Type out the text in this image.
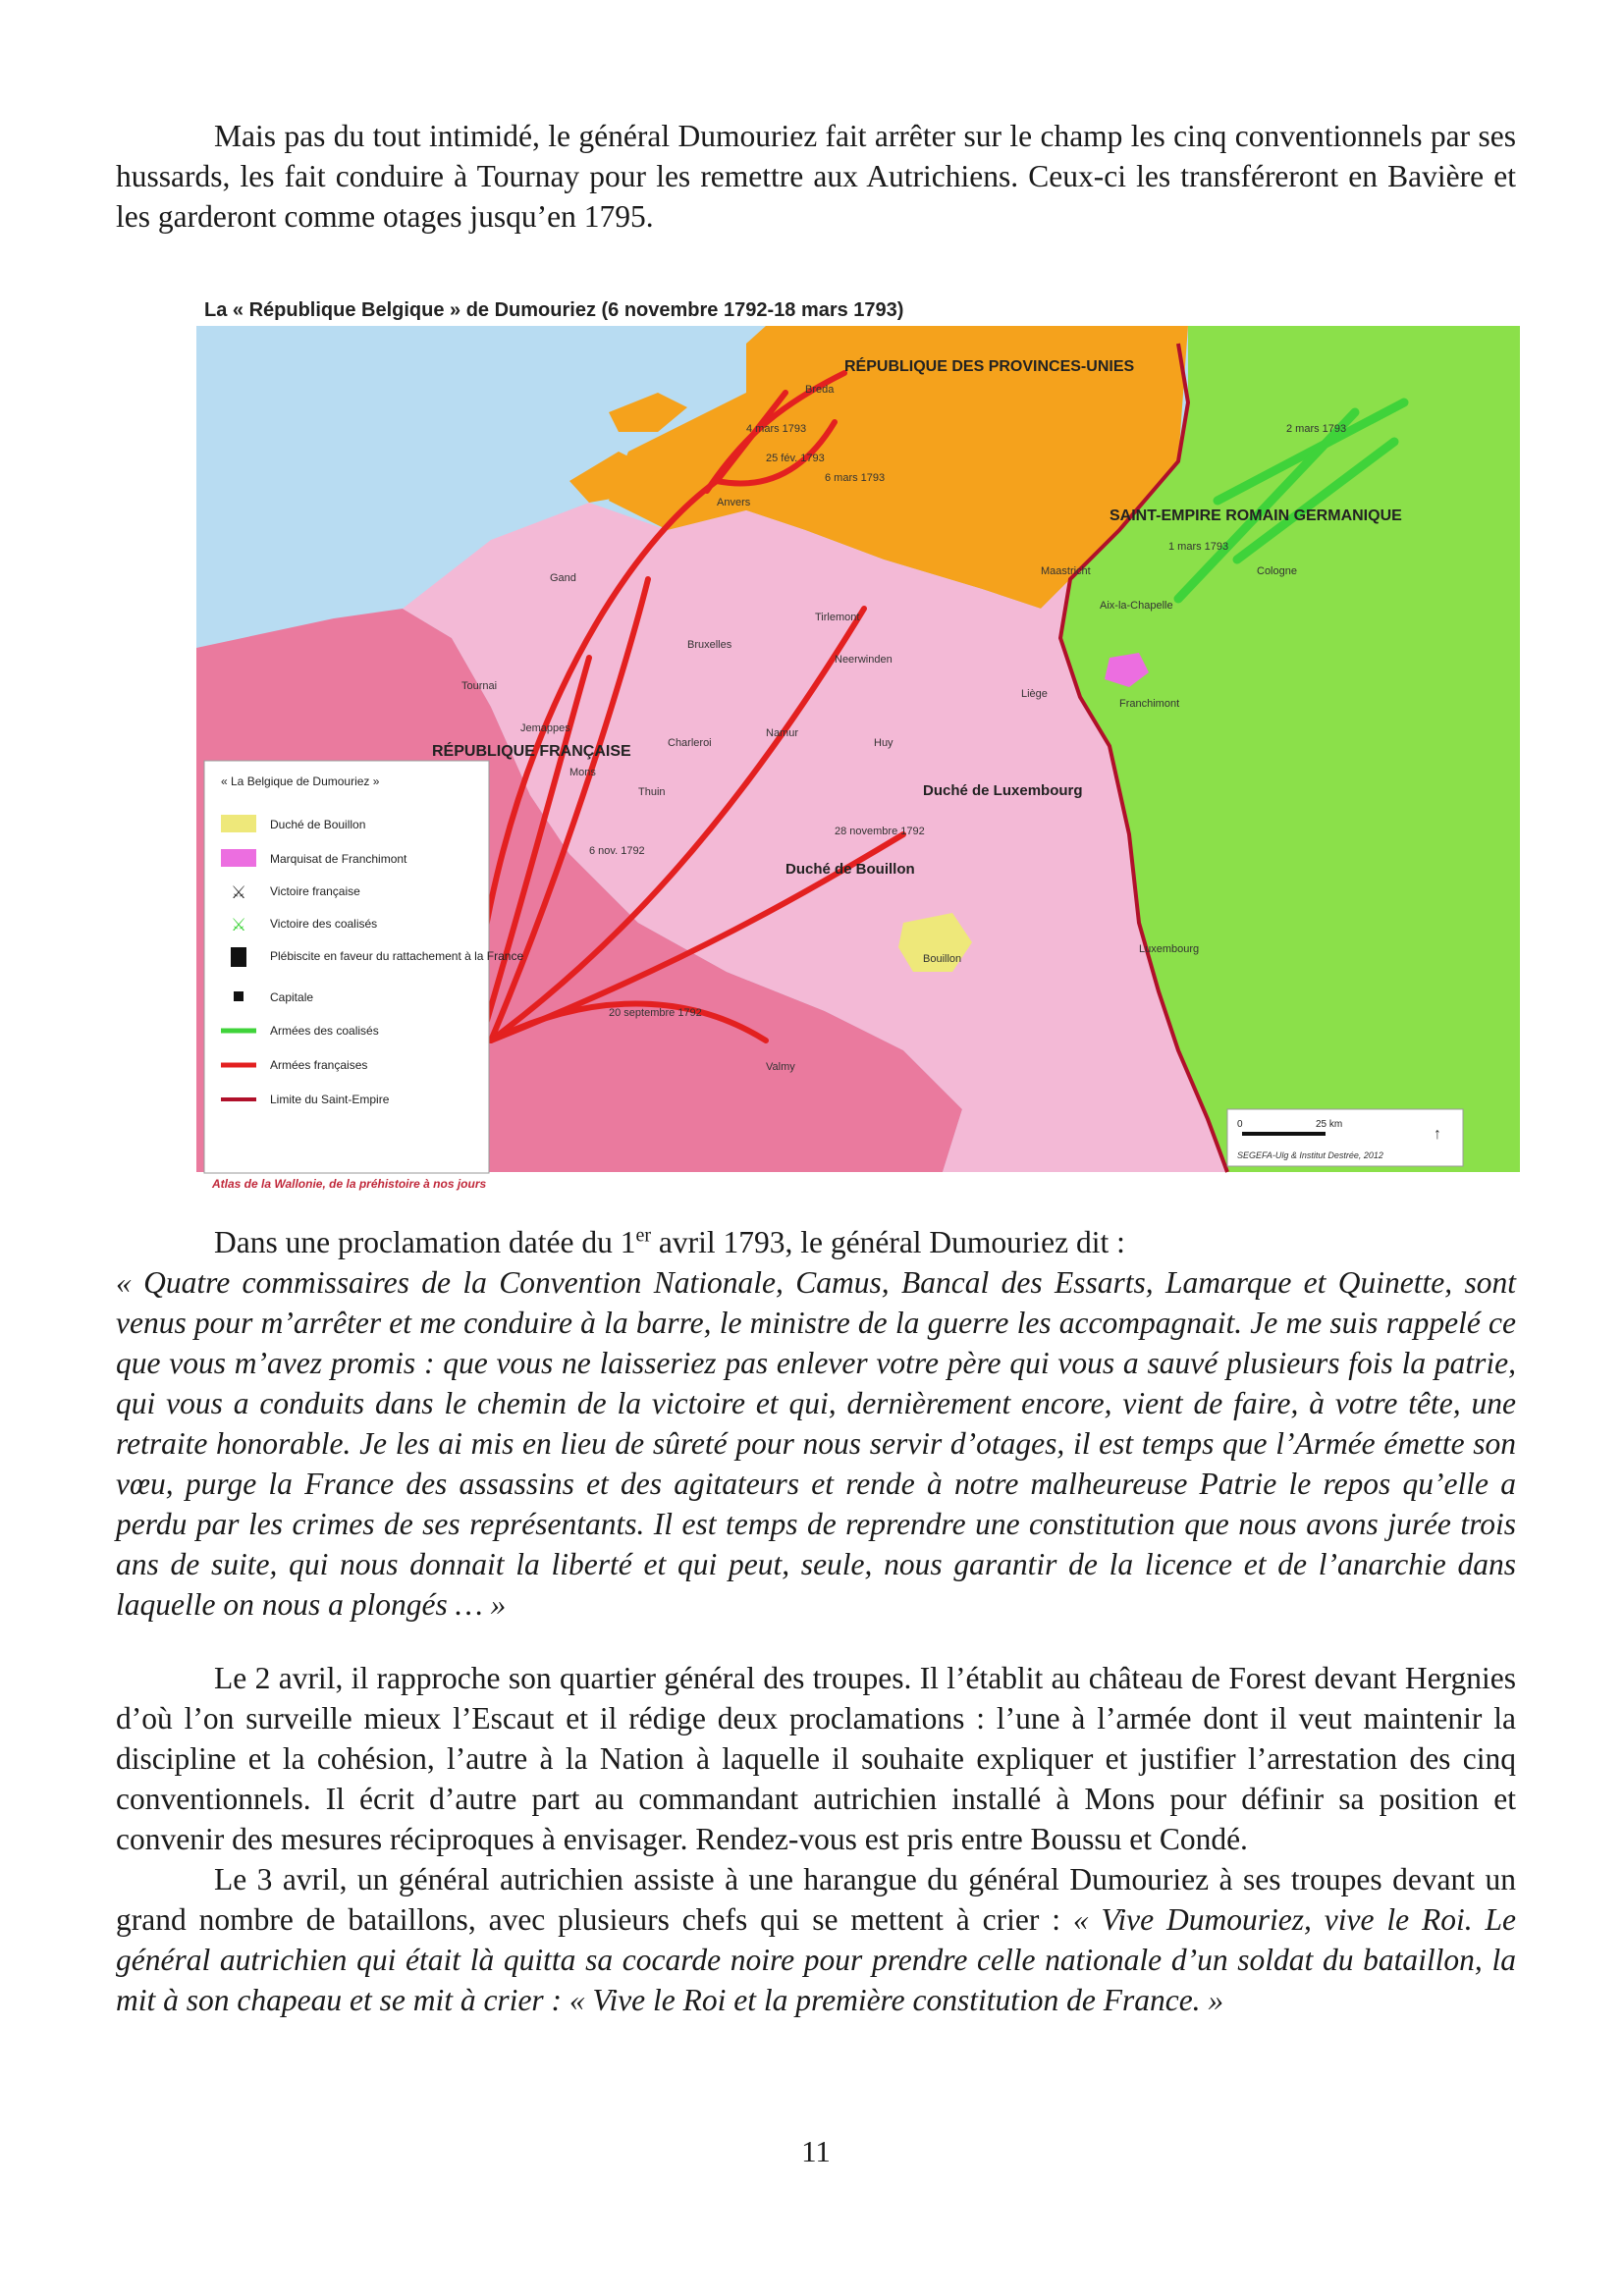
Mais pas du tout intimidé, le général Dumouriez fait arrêter sur le champ les cinq conventionnels par ses hussards, les fait conduire à Tournay pour les remettre aux Autrichiens. Ceux-ci les transféreront en Bavière et les garderont comme otages jusqu’en 1795.

La « République Belgique » de Dumouriez (6 novembre 1792-18 mars 1793)
RÉPUBLIQUE DES PROVINCES-UNIES
SAINT-EMPIRE ROMAIN GERMANIQUE
RÉPUBLIQUE FRANÇAISE
Duché de Luxembourg
Duché de Bouillon
Breda
Anvers
Gand
Bruxelles
Tirlemont
Neerwinden
Maastricht
Aix-la-Chapelle
Cologne
Liège
Franchimont
Tournai
Jemappes
Mons
Charleroi
Namur
Huy
Thuin
Bouillon
Luxembourg
Valmy
4 mars 1793
25 fév. 1793
6 mars 1793
2 mars 1793
1 mars 1793
6 nov. 1792
28 novembre 1792
20 septembre 1792
« La Belgique de Dumouriez »
Duché de Bouillon
Marquisat de Franchimont
⚔ Victoire française
⚔ Victoire des coalisés
Plébiscite en faveur du rattachement à la France
Capitale
Armées des coalisés
Armées françaises
Limite du Saint-Empire
0	25 km
SEGEFA-Ulg & Institut Destrée, 2012
↑
Atlas de la Wallonie, de la préhistoire à nos jours

Dans une proclamation datée du 1er avril 1793, le général Dumouriez dit :

« Quatre commissaires de la Convention Nationale, Camus, Bancal des Essarts, Lamarque et Quinette, sont venus pour m’arrêter et me conduire à la barre, le ministre de la guerre les accompagnait. Je me suis rappelé ce que vous m’avez promis : que vous ne laisseriez pas enlever votre père qui vous a sauvé plusieurs fois la patrie, qui vous a conduits dans le chemin de la victoire et qui, dernièrement encore, vient de faire, à votre tête, une retraite honorable. Je les ai mis en lieu de sûreté pour nous servir d’otages, il est temps que l’Armée émette son vœu, purge la France des assassins et des agitateurs et rende à notre malheureuse Patrie le repos qu’elle a perdu par les crimes de ses représentants. Il est temps de reprendre une constitution que nous avons jurée trois ans de suite, qui nous donnait la liberté et qui peut, seule, nous garantir de la licence et de l’anarchie dans laquelle on nous a plongés … »

Le 2 avril, il rapproche son quartier général des troupes. Il l’établit au château de Forest devant Hergnies d’où l’on surveille mieux l’Escaut et il rédige deux proclamations : l’une à l’armée dont il veut maintenir la discipline et la cohésion, l’autre à la Nation à laquelle il souhaite expliquer et justifier l’arrestation des cinq conventionnels. Il écrit d’autre part au commandant autrichien installé à Mons pour définir sa position et convenir des mesures réciproques à envisager. Rendez-vous est pris entre Boussu et Condé.

Le 3 avril, un général autrichien assiste à une harangue du général Dumouriez à ses troupes devant un grand nombre de bataillons, avec plusieurs chefs qui se mettent à crier : « Vive Dumouriez, vive le Roi. Le général autrichien qui était là quitta sa cocarde noire pour prendre celle nationale d’un soldat du bataillon, la mit à son chapeau et se mit à crier : « Vive le Roi et la première constitution de France. »

11
